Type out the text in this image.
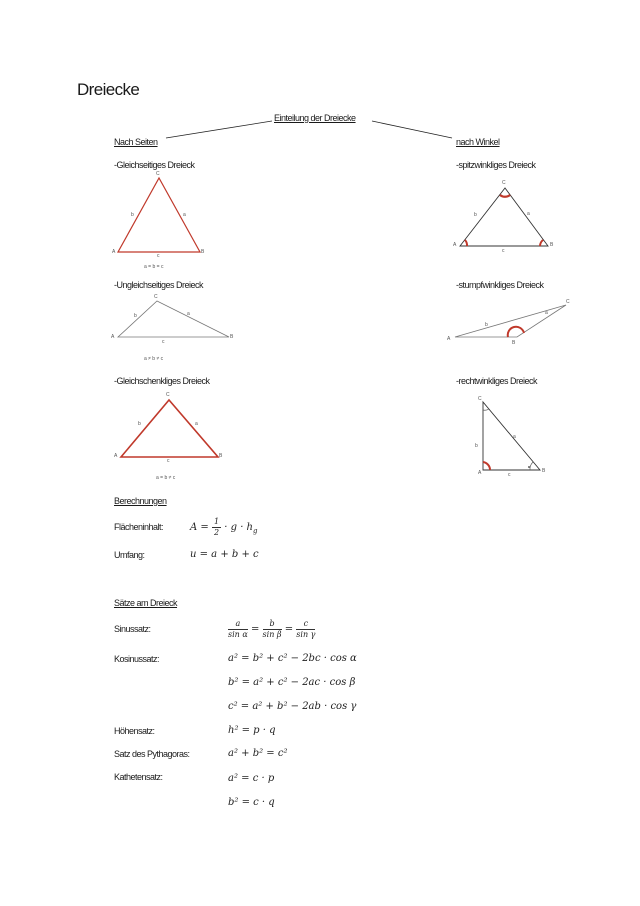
Dreiecke
Einteilung der Dreiecke
Nach Seiten	nach Winkel
-Gleichseitiges Dreieck
-Ungleichseitiges Dreieck
-Gleichschenkliges Dreieck
-spitzwinkliges Dreieck
-stumpfwinkliges Dreieck
-rechtwinkliges Dreieck
C
b	a
c
A	B
a = b = c
C
b	a
c
A	B
a ≠ b ≠ c
C
b	a
c
A	B
a = b ≠ c
C
b	a
c
A	B
C
b
a
A
B
C
b
a
c
A	B
Berechnungen
Flächeninhalt:	$A = \frac{1}{2} \cdot g \cdot h_g$
Umfang:	u = a + b + c
Sätze am Dreieck
Sinussatz:	$\frac{a}{\text{sin α}} = \frac{b}{\text{sin β}} = \frac{c}{\text{sin γ}}$
Kosinussatz:	a² = b² + c² − 2bc · cos α
b² = a² + c² − 2ac · cos β
c² = a² + b² − 2ab · cos γ
Höhensatz:	h² = p · q
Satz des Pythagoras:	a² + b² = c²
Kathetensatz:	a² = c · p
b² = c · q
